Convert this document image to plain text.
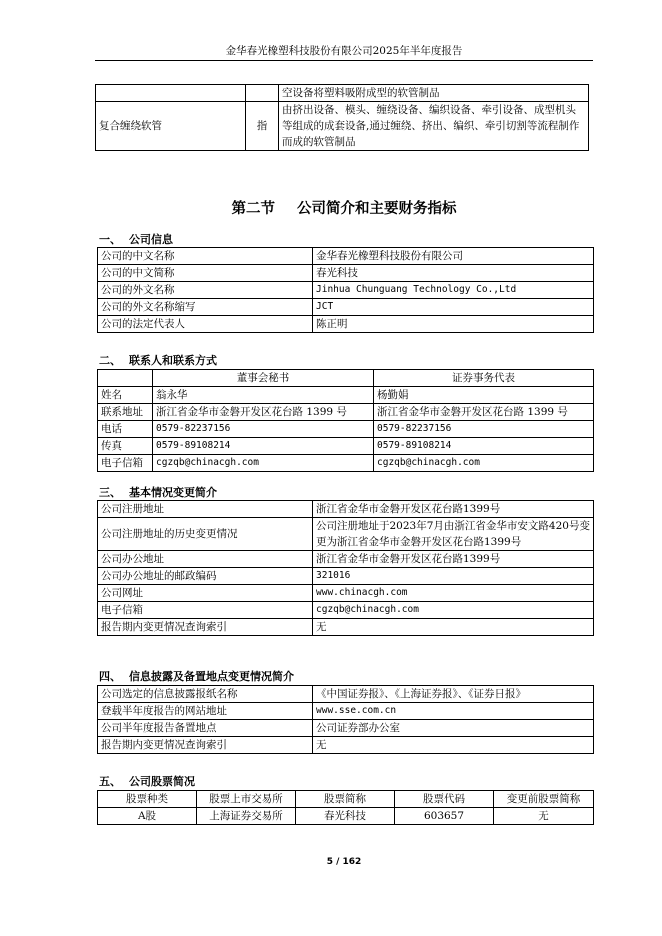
金华春光橡塑科技股份有限公司2025年半年度报告
		空设备将塑料吸附成型的软管制品
复合缠绕软管	指	由挤出设备、模头、缠绕设备、编织设备、牵引设备、成型机头等组成的成套设备,通过缠绕、挤出、编织、牵引切割等流程制作而成的软管制品
第二节 公司简介和主要财务指标
一、 公司信息
公司的中文名称	金华春光橡塑科技股份有限公司
公司的中文简称	春光科技
公司的外文名称	Jinhua Chunguang Technology Co.,Ltd
公司的外文名称缩写	JCT
公司的法定代表人	陈正明
二、 联系人和联系方式
	董事会秘书	证券事务代表
姓名	翁永华	杨勤娟
联系地址	浙江省金华市金磐开发区花台路 1399 号	浙江省金华市金磐开发区花台路 1399 号
电话	0579-82237156	0579-82237156
传真	0579-89108214	0579-89108214
电子信箱	cgzqb@chinacgh.com	cgzqb@chinacgh.com
三、 基本情况变更简介
公司注册地址	浙江省金华市金磐开发区花台路1399号
公司注册地址的历史变更情况	公司注册地址于2023年7月由浙江省金华市安文路420号变更为浙江省金华市金磐开发区花台路1399号
公司办公地址	浙江省金华市金磐开发区花台路1399号
公司办公地址的邮政编码	321016
公司网址	www.chinacgh.com
电子信箱	cgzqb@chinacgh.com
报告期内变更情况查询索引	无
四、 信息披露及备置地点变更情况简介
公司选定的信息披露报纸名称	《中国证券报》、《上海证券报》、《证券日报》
登载半年度报告的网站地址	www.sse.com.cn
公司半年度报告备置地点	公司证券部办公室
报告期内变更情况查询索引	无
五、 公司股票简况
股票种类	股票上市交易所	股票简称	股票代码	变更前股票简称
A股	上海证券交易所	春光科技	603657	无
5 / 162
